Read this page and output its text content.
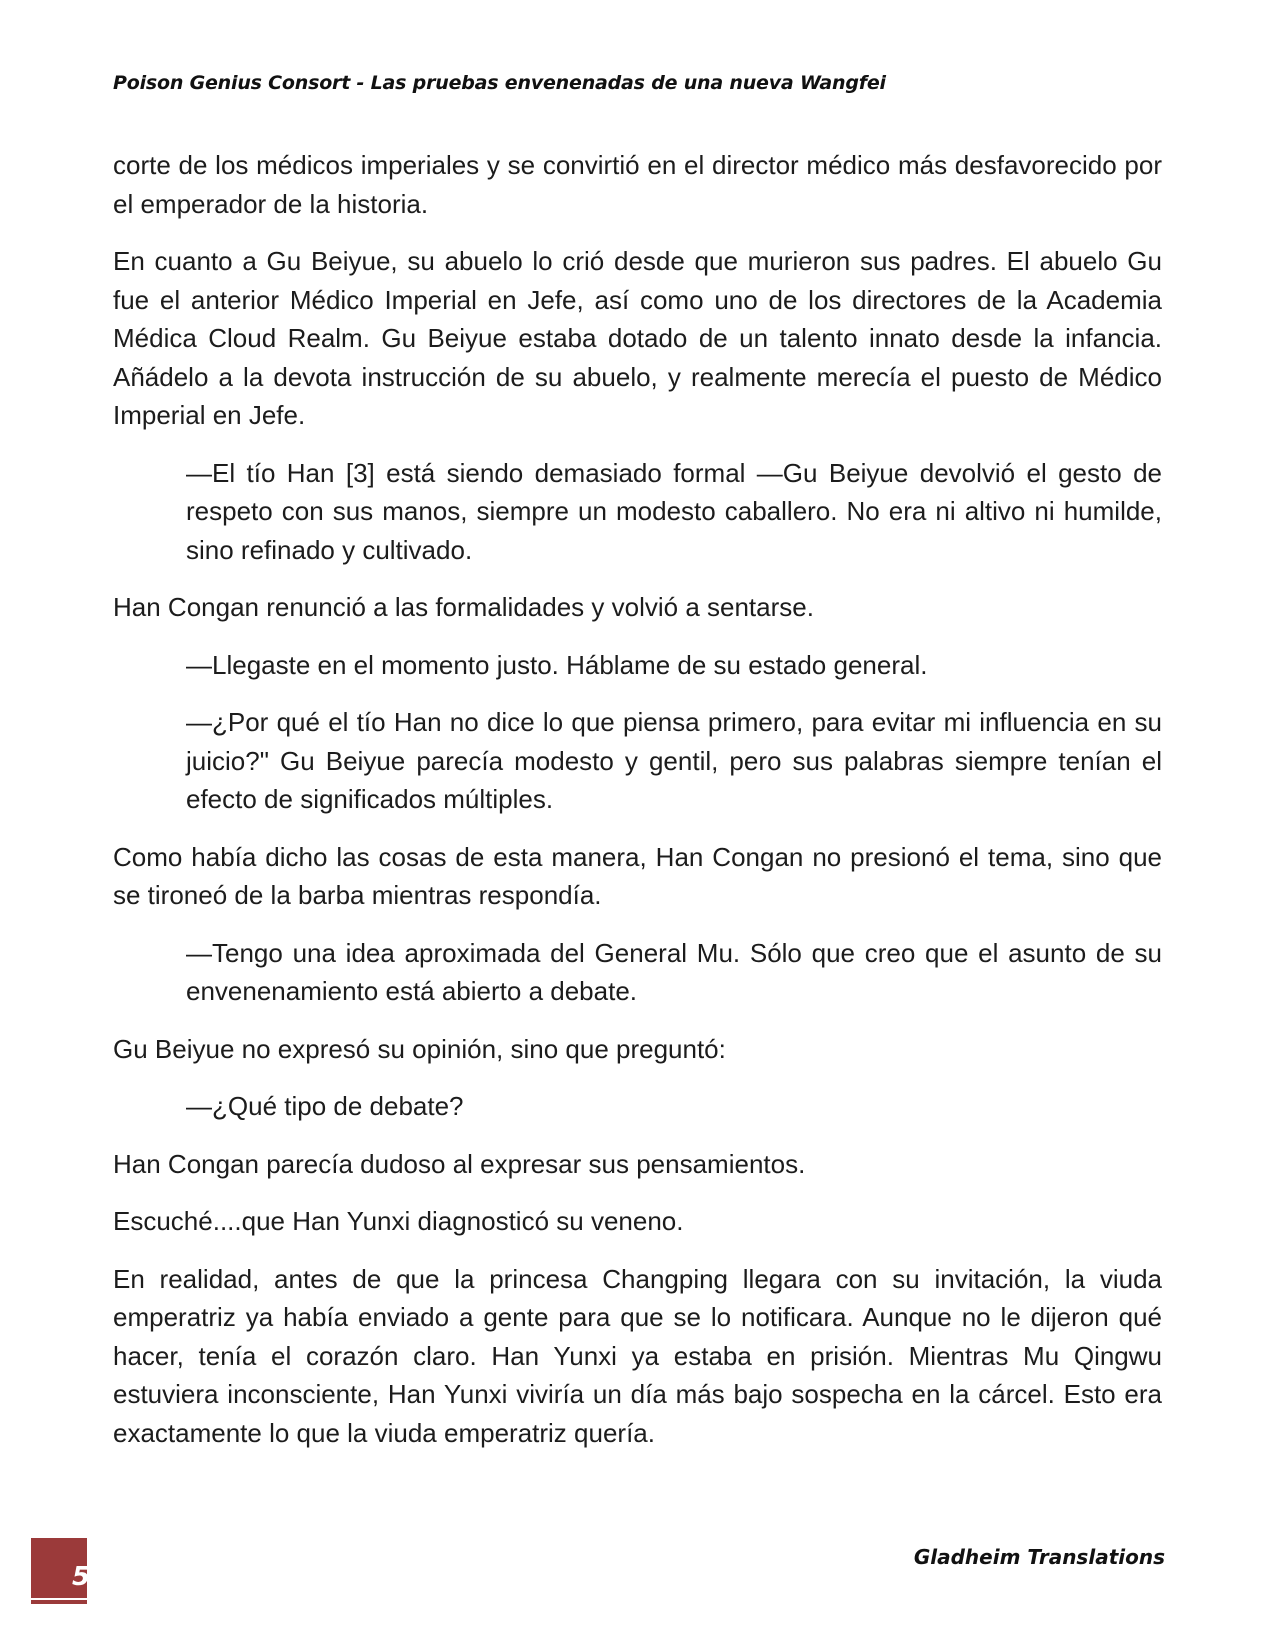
Poison Genius Consort - Las pruebas envenenadas de una nueva Wangfei

corte de los médicos imperiales y se convirtió en el director médico más desfavorecido por el emperador de la historia.

En cuanto a Gu Beiyue, su abuelo lo crió desde que murieron sus padres. El abuelo Gu fue el anterior Médico Imperial en Jefe, así como uno de los directores de la Academia Médica Cloud Realm. Gu Beiyue estaba dotado de un talento innato desde la infancia. Añádelo a la devota instrucción de su abuelo, y realmente merecía el puesto de Médico Imperial en Jefe.

—El tío Han [3] está siendo demasiado formal —Gu Beiyue devolvió el gesto de respeto con sus manos, siempre un modesto caballero. No era ni altivo ni humilde, sino refinado y cultivado.

Han Congan renunció a las formalidades y volvió a sentarse.

—Llegaste en el momento justo. Háblame de su estado general.

—¿Por qué el tío Han no dice lo que piensa primero, para evitar mi influencia en su juicio?" Gu Beiyue parecía modesto y gentil, pero sus palabras siempre tenían el efecto de significados múltiples.

Como había dicho las cosas de esta manera, Han Congan no presionó el tema, sino que se tironeó de la barba mientras respondía.

—Tengo una idea aproximada del General Mu. Sólo que creo que el asunto de su envenenamiento está abierto a debate.

Gu Beiyue no expresó su opinión, sino que preguntó:

—¿Qué tipo de debate?

Han Congan parecía dudoso al expresar sus pensamientos.

Escuché....que Han Yunxi diagnosticó su veneno.

En realidad, antes de que la princesa Changping llegara con su invitación, la viuda emperatriz ya había enviado a gente para que se lo notificara. Aunque no le dijeron qué hacer, tenía el corazón claro. Han Yunxi ya estaba en prisión. Mientras Mu Qingwu estuviera inconsciente, Han Yunxi viviría un día más bajo sospecha en la cárcel. Esto era exactamente lo que la viuda emperatriz quería.

5
Gladheim Translations
